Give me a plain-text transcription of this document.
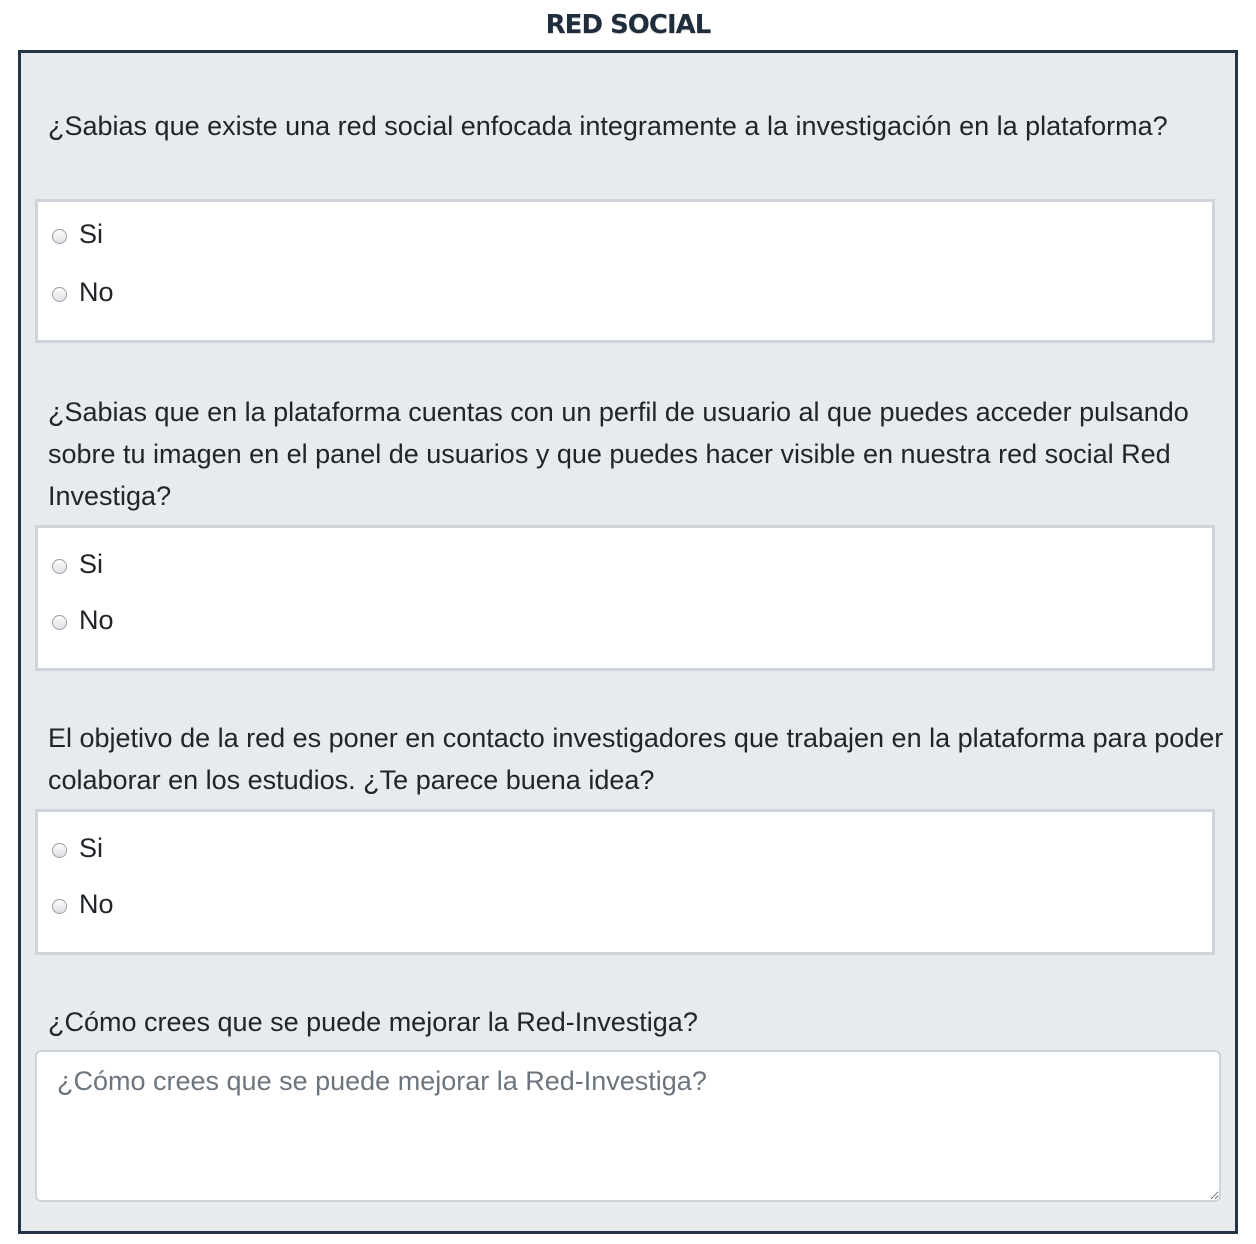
RED SOCIAL
¿Sabias que existe una red social enfocada integramente a la investigación en la plataforma?
Si
No
¿Sabias que en la plataforma cuentas con un perfil de usuario al que puedes acceder pulsando sobre tu imagen en el panel de usuarios y que puedes hacer visible en nuestra red social Red Investiga?
Si
No
El objetivo de la red es poner en contacto investigadores que trabajen en la plataforma para poder colaborar en los estudios. ¿Te parece buena idea?
Si
No
¿Cómo crees que se puede mejorar la Red-Investiga?
¿Cómo crees que se puede mejorar la Red-Investiga?
